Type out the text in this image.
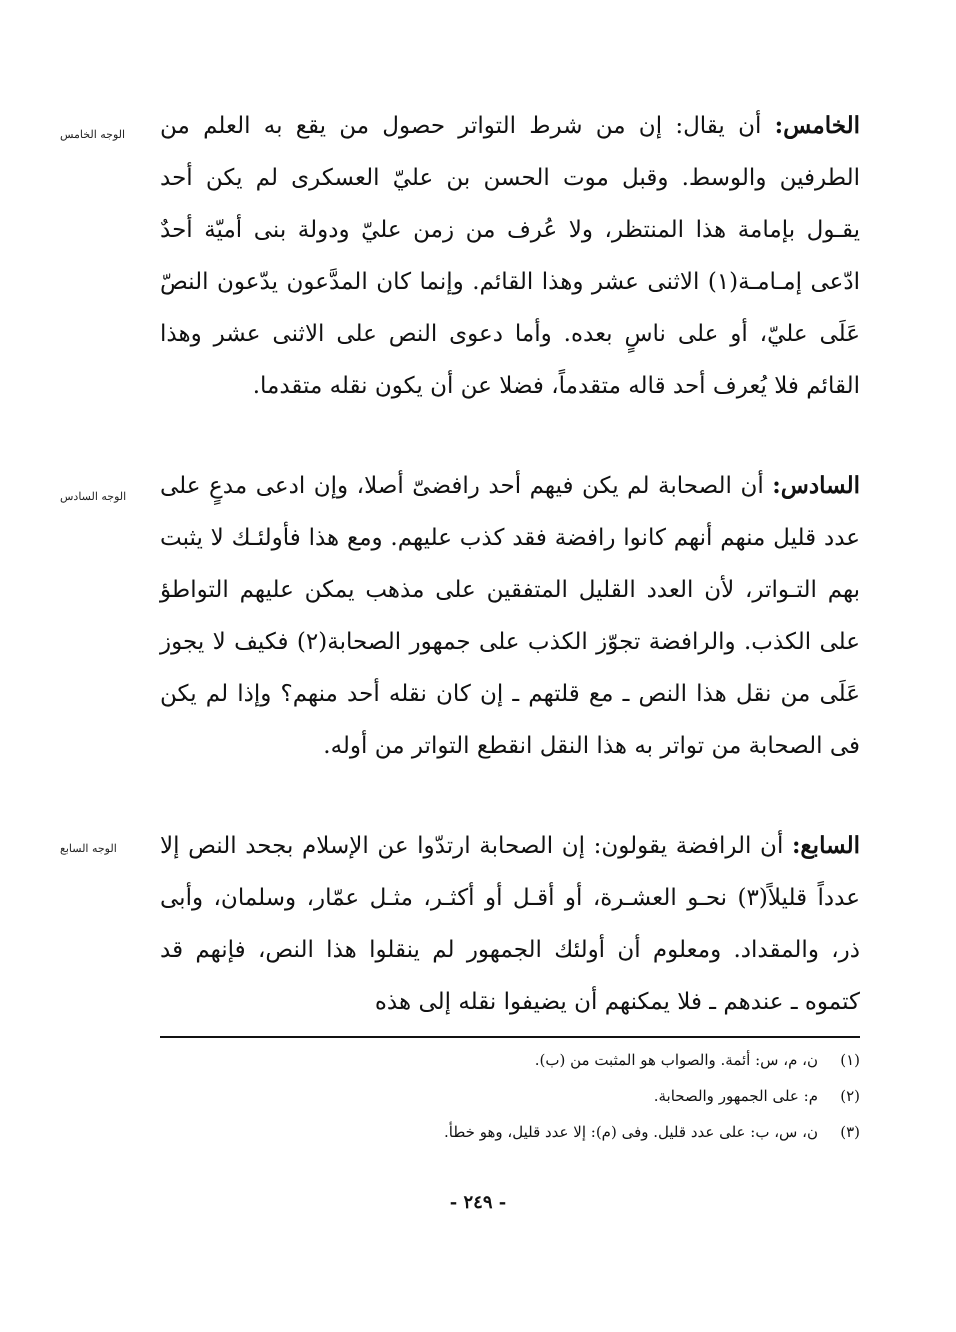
الوجه الخامس	الخامس: أن يقال: إن من شرط التواتر حصول من يقع به العلم من الطرفين والوسط. وقبل موت الحسن بن عليّ العسكرى لم يكن أحد يقـول بإمامة هذا المنتظر، ولا عُرف من زمن عليّ ودولة بنى أميّة أحدٌ ادّعى إمـامـة(١) الاثنى عشر وهذا القائم. وإنما كان المدَّعون يدّعون النصّ عَلَى عليّ، أو على ناسٍ بعده. وأما دعوى النص على الاثنى عشر وهذا القائم فلا يُعرف أحد قاله متقدماً، فضلا عن أن يكون نقله متقدما.
الوجه السادس	السادس: أن الصحابة لم يكن فيهم أحد رافضىّ أصلا، وإن ادعى مدعٍ على عدد قليل منهم أنهم كانوا رافضة فقد كذب عليهم. ومع هذا فأولئـك لا يثبت بهم التـواتر، لأن العدد القليل المتفقين على مذهب يمكن عليهم التواطؤ على الكذب. والرافضة تجوّز الكذب على جمهور الصحابة(٢) فكيف لا يجوز عَلَى من نقل هذا النص ـ مع قلتهم ـ إن كان نقله أحد منهم؟ وإذا لم يكن فى الصحابة من تواتر به هذا النقل انقطع التواتر من أوله.
الوجه السابع	السابع: أن الرافضة يقولون: إن الصحابة ارتدّوا عن الإسلام بجحد النص إلا عدداً قليلاً(٣) نحـو العشـرة، أو أقـل أو أكثـر، مثـل عمّار، وسلمان، وأبى ذر، والمقداد. ومعلوم أن أولئك الجمهور لم ينقلوا هذا النص، فإنهم قد كتموه ـ عندهم ـ فلا يمكنهم أن يضيفوا نقله إلى هذه
(١)
ن، م، س: أئمة. والصواب هو المثبت من (ب).
(٢)
م: على الجمهور والصحابة.
(٣)
ن، س، ب: على عدد قليل. وفى (م): إلا عدد قليل، وهو خطأ.
- ٢٤٩ -
